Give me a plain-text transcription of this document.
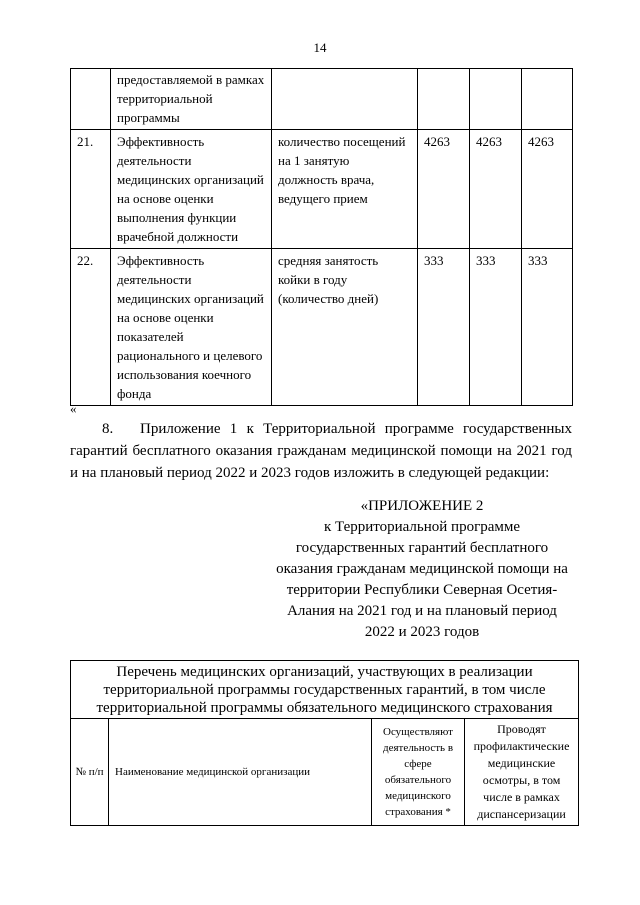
14
	предоставляемой в рамках территориальной программы				
21.	Эффективность деятельности медицинских организаций на основе оценки выполнения функции врачебной должности	количество посещений на 1 занятую должность врача, ведущего прием	4263	4263	4263
22.	Эффективность деятельности медицинских организаций на основе оценки показателей рационального и целевого использования коечного фонда	средняя занятость койки в году (количество дней)	333	333	333
«
8. Приложение 1 к Территориальной программе государственных гарантий бесплатного оказания гражданам медицинской помощи на 2021 год и на плановый период 2022 и 2023 годов изложить в следующей редакции:
«ПРИЛОЖЕНИЕ 2
к Территориальной программе
государственных гарантий бесплатного
оказания гражданам медицинской помощи на
территории Республики Северная Осетия-
Алания на 2021 год и на плановый период
2022 и 2023 годов
Перечень медицинских организаций, участвующих в реализации
территориальной программы государственных гарантий, в том числе
территориальной программы обязательного медицинского страхования

№ п/п	Наименование медицинской организации	Осуществляют деятельность в сфере обязательного медицинского страхования *	Проводят профилактические медицинские осмотры, в том числе в рамках диспансеризации
